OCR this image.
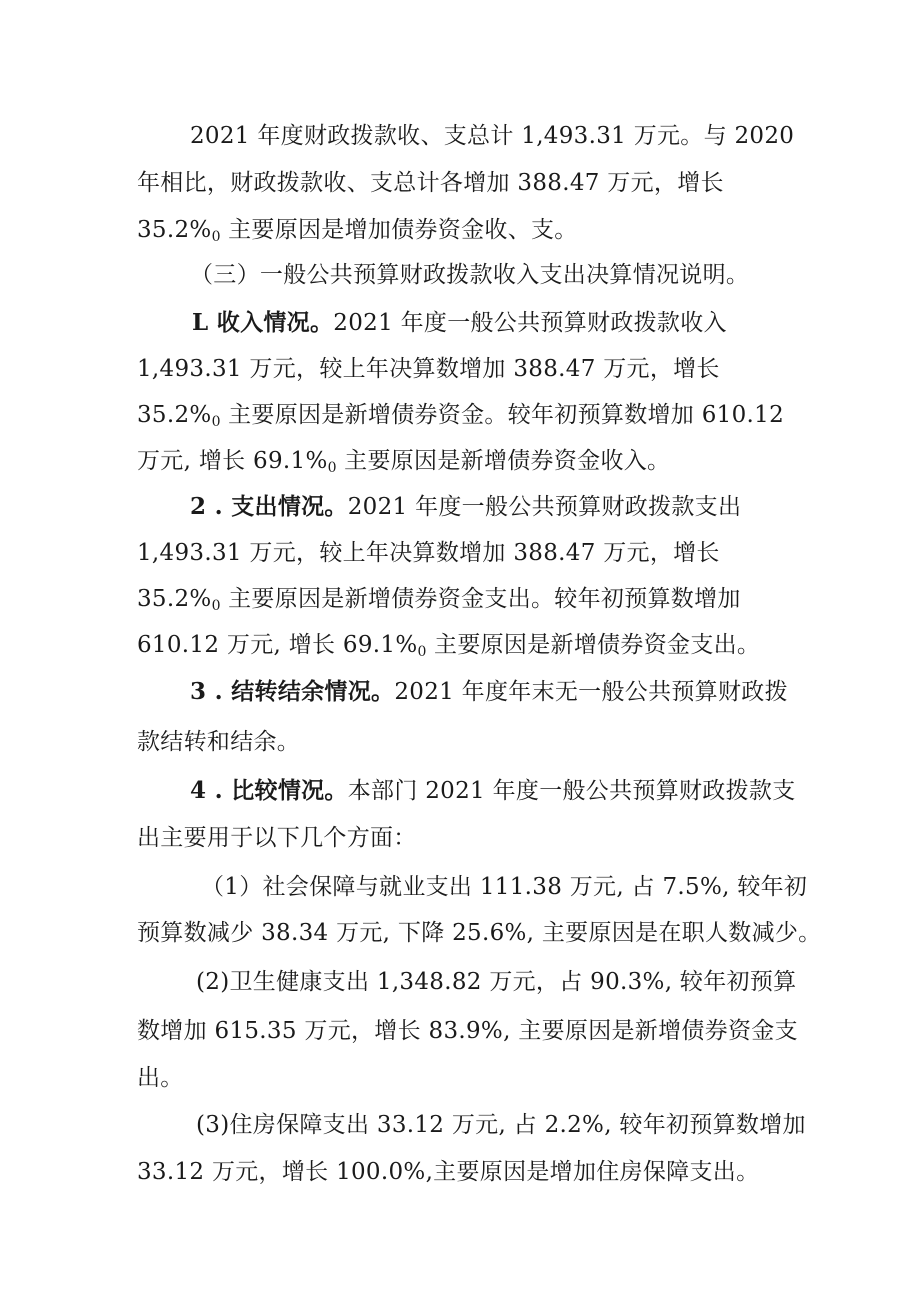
2021 年度财政拨款收、支总计 1,493.31 万元。与 2020
年相比，财政拨款收、支总计各增加 388.47 万元，增长
$35.2\%_0$ 主要原因是增加债券资金收、支。
（三）一般公共预算财政拨款收入支出决算情况说明。
L 收入情况。2021 年度一般公共预算财政拨款收入
1,493.31 万元，较上年决算数增加 388.47 万元，增长
$35.2\%_0$ 主要原因是新增债券资金。较年初预算数增加 610.12
万元, 增长 $69.1\%_0$ 主要原因是新增债券资金收入。
2 . 支出情况。2021 年度一般公共预算财政拨款支出
1,493.31 万元，较上年决算数增加 388.47 万元，增长
$35.2\%_0$ 主要原因是新增债券资金支出。较年初预算数增加
610.12 万元, 增长 $69.1\%_0$ 主要原因是新增债券资金支出。
3 . 结转结余情况。2021 年度年末无一般公共预算财政拨
款结转和结余。
4 . 比较情况。本部门 2021 年度一般公共预算财政拨款支
出主要用于以下几个方面：
（1）社会保障与就业支出 111.38 万元, 占 7.5%, 较年初
预算数减少 38.34 万元, 下降 25.6%, 主要原因是在职人数减少。
(2)卫生健康支出 1,348.82 万元，占 90.3%, 较年初预算
数增加 615.35 万元，增长 83.9%, 主要原因是新增债券资金支
出。
(3)住房保障支出 33.12 万元, 占 2.2%, 较年初预算数增加
33.12 万元，增长 100.0%,主要原因是增加住房保障支出。
